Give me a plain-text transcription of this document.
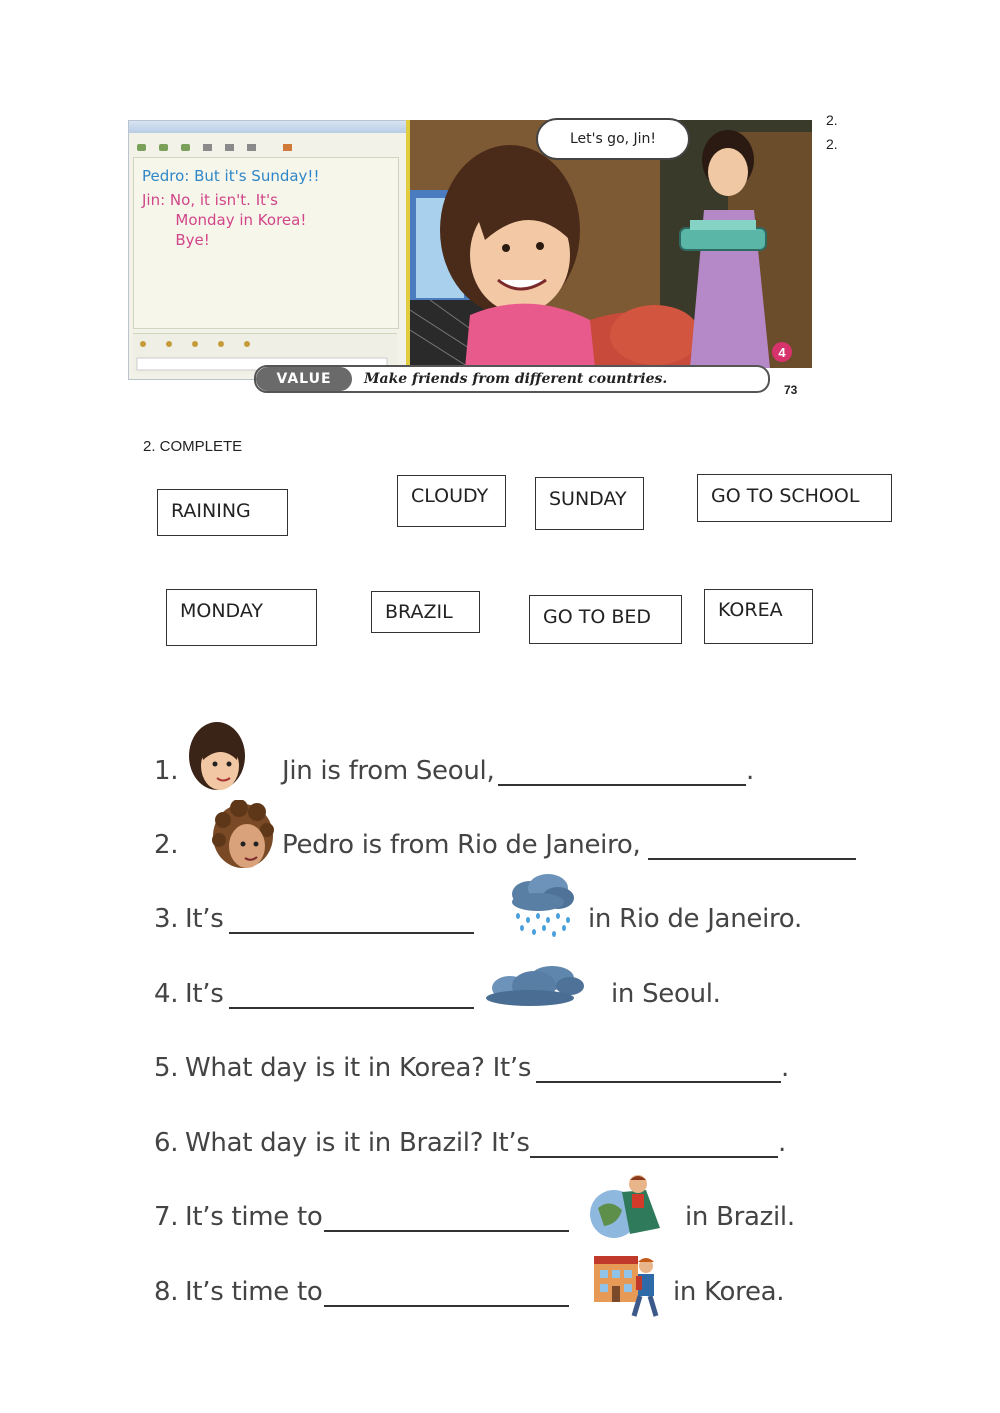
Pedro: But it's Sunday!!
Jin: No, it isn't. It's
Monday in Korea!
Bye!
4
Let's go, Jin!
VALUE	Make friends from different countries.
73
2.
2.
2. COMPLETE
RAINING
CLOUDY	SUNDAY	GO TO SCHOOL
MONDAY	BRAZIL	GO TO BED	KOREA
1.	Jin is from Seoul,	.
2.	Pedro is from Rio de Janeiro,
3. It’s	in Rio de Janeiro.
4. It’s	in Seoul.
5. What day is it in Korea? It’s	.
6. What day is it in Brazil? It’s	.
7. It’s time to	in Brazil.
8. It’s time to	in Korea.
